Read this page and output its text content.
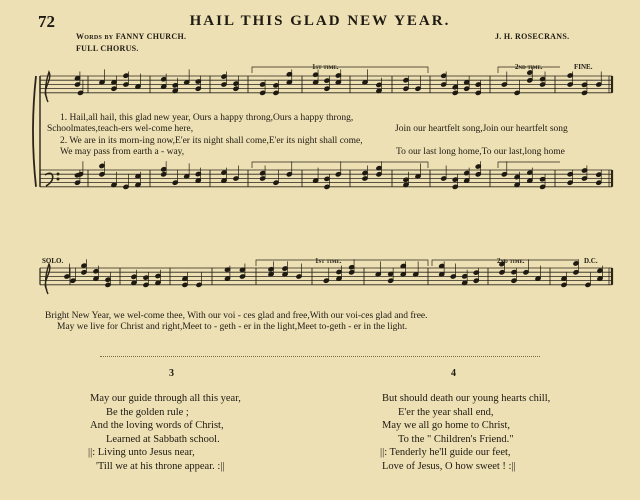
72	HAIL THIS GLAD NEW YEAR.
Words by FANNY CHURCH.	J. H. ROSECRANS.
FULL CHORUS.
1st time.	2nd time.	FINE.
1. Hail,all hail, this glad new year, Ours a happy throng,Ours a happy throng,
Schoolmates,teach-ers wel-come here,	Join our heartfelt song,Join our heartfelt song
2. We are in its morn-ing now,E'er its night shall come,E'er its night shall come,
We may pass from earth a - way,	To our last long home,To our last,long home
SOLO.	1st time.	2nd time.	D.C.
Bright New Year, we wel-come thee, With our voi - ces glad and free,With our voi-ces glad and free.
May we live for Christ and right,Meet to - geth - er in the light,Meet to-geth - er in the light.
3
May our guide through all this year,
Be the golden rule ;
And the loving words of Christ,
Learned at Sabbath school.
||: Living unto Jesus near,
'Till we at his throne appear. :||
4
But should death our young hearts chill,
E'er the year shall end,
May we all go home to Christ,
To the " Children's Friend."
||: Tenderly he'll guide our feet,
Love of Jesus, O how sweet ! :||
